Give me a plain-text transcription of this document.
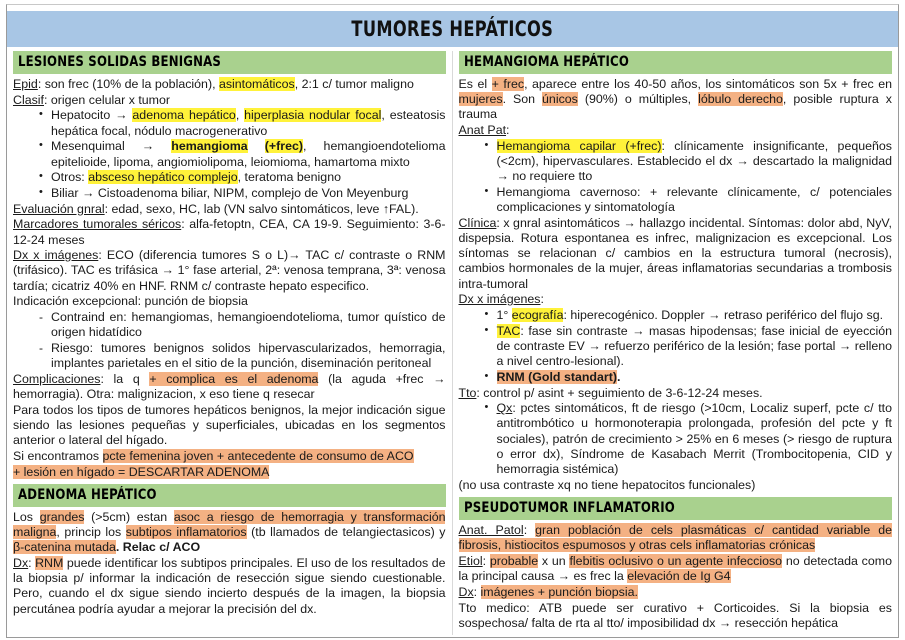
TUMORES HEPÁTICOS
LESIONES SOLIDAS BENIGNAS

Epid: son frec (10% de la población), asintomáticos, 2:1 c/ tumor maligno

Clasif: origen celular x tumor

• Hepatocito → adenoma hepático, hiperplasia nodular focal, esteatosis hepática focal, nódulo macrogenerativo
• Mesenquimal → hemangioma (+frec), hemangioendotelioma epitelioide, lipoma, angiomiolipoma, leiomioma, hamartoma mixto
• Otros: absceso hepático complejo, teratoma benigno
• Biliar → Cistoadenoma biliar, NIPM, complejo de Von Meyenburg

Evaluación gnral: edad, sexo, HC, lab (VN salvo sintomáticos, leve ↑FAL).

Marcadores tumorales séricos: alfa-fetoptn, CEA, CA 19-9. Seguimiento: 3-6-12-24 meses

Dx x imágenes: ECO (diferencia tumores S o L)→ TAC c/ contraste o RNM (trifásico). TAC es trifásica → 1° fase arterial, 2ª: venosa temprana, 3ª: venosa tardía; cicatriz 40% en HNF. RNM c/ contraste hepato especifico.

Indicación excepcional: punción de biopsia

- Contraind en: hemangiomas, hemangioendotelioma, tumor quístico de origen hidatídico
- Riesgo: tumores benignos solidos hipervascularizados, hemorragia, implantes parietales en el sitio de la punción, diseminación peritoneal

Complicaciones: la q + complica es el adenoma (la aguda +frec → hemorragia). Otra: malignizacion, x eso tiene q resecar

Para todos los tipos de tumores hepáticos benignos, la mejor indicación sigue siendo las lesiones pequeñas y superficiales, ubicadas en los segmentos anterior o lateral del hígado.

Si encontramos pcte femenina joven + antecedente de consumo de ACO

+ lesión en hígado = DESCARTAR ADENOMA

ADENOMA HEPÁTICO

Los grandes (>5cm) estan asoc a riesgo de hemorragia y transformación maligna, princip los subtipos inflamatorios (tb llamados de telangiectasicos) y β-catenina mutada. Relac c/ ACO

Dx: RNM puede identificar los subtipos principales. El uso de los resultados de la biopsia p/ informar la indicación de resección sigue siendo cuestionable. Pero, cuando el dx sigue siendo incierto después de la imagen, la biopsia percutánea podría ayudar a mejorar la precisión del dx.

HEMANGIOMA HEPÁTICO

Es el + frec, aparece entre los 40-50 años, los sintomáticos son 5x + frec en mujeres. Son únicos (90%) o múltiples, lóbulo derecho, posible ruptura x trauma

Anat Pat:

• Hemangioma capilar (+frec): clínicamente insignificante, pequeños (<2cm), hipervasculares. Establecido el dx → descartado la malignidad → no requiere tto
• Hemangioma cavernoso: + relevante clínicamente, c/ potenciales complicaciones y sintomatología

Clínica: x gnral asintomáticos → hallazgo incidental. Síntomas: dolor abd, NyV, dispepsia. Rotura espontanea es infrec, malignizacion es excepcional. Los síntomas se relacionan c/ cambios en la estructura tumoral (necrosis), cambios hormonales de la mujer, áreas inflamatorias secundarias a trombosis intra-tumoral

Dx x imágenes:

• 1° ecografía: hiperecogénico. Doppler → retraso periférico del flujo sg.
• TAC: fase sin contraste → masas hipodensas; fase inicial de eyección de contraste EV → refuerzo periférico de la lesión; fase portal → relleno a nivel centro-lesional).
• RNM (Gold standart).

Tto: control p/ asint + seguimiento de 3-6-12-24 meses.

• Qx: pctes sintomáticos, ft de riesgo (>10cm, Localiz superf, pcte c/ tto antitrombótico u hormonoterapia prolongada, profesión del pcte y ft sociales), patrón de crecimiento > 25% en 6 meses (> riesgo de ruptura o error dx), Síndrome de Kasabach Merrit (Trombocitopenia, CID y hemorragia sistémica)

(no usa contraste xq no tiene hepatocitos funcionales)

PSEUDOTUMOR INFLAMATORIO

Anat. Patol: gran población de cels plasmáticas c/ cantidad variable de fibrosis, histiocitos espumosos y otras cels inflamatorias crónicas

Etiol: probable x un flebitis oclusivo o un agente infeccioso no detectada como la principal causa → es frec la elevación de Ig G4

Dx: imágenes + punción biopsia.

Tto medico: ATB puede ser curativo + Corticoides. Si la biopsia es sospechosa/ falta de rta al tto/ imposibilidad dx → resección hepática
